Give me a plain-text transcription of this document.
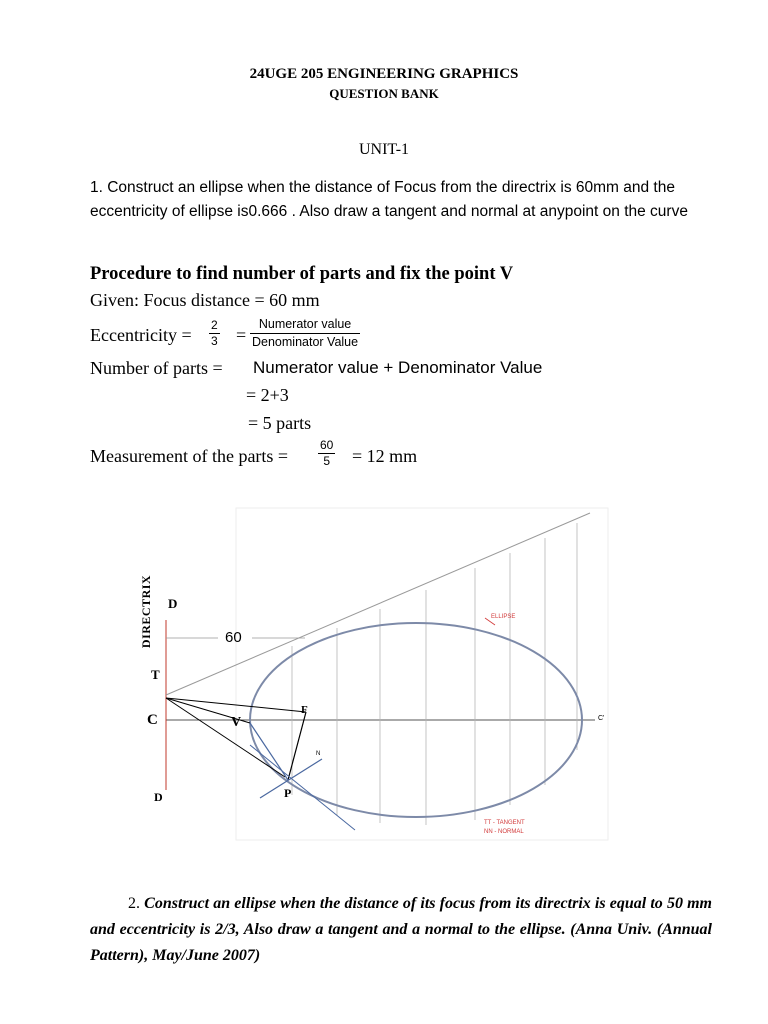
24UGE 205 ENGINEERING GRAPHICS
QUESTION BANK
UNIT-1
1. Construct an ellipse when the distance of Focus from the directrix is 60mm and the eccentricity of ellipse is0.666 . Also draw a tangent and normal at anypoint on the curve
Procedure to find number of parts and fix the point V
Given: Focus distance = 60 mm
Eccentricity = $\frac{2}{3}$ =
Numerator value
Denominator Value
Number of parts = Numerator value + Denominator Value
= 2+3
= 5 parts
Measurement of the parts = $\frac{60}{5} = 12$ mm
DIRECTRIX D
60
T
C	V
F
P
D
N
ELLIPSE
C'
TT - TANGENT
NN - NORMAL
2. Construct an ellipse when the distance of its focus from its directrix is equal to 50 mm and eccentricity is 2/3, Also draw a tangent and a normal to the ellipse. (Anna Univ. (Annual Pattern), May/June 2007)
